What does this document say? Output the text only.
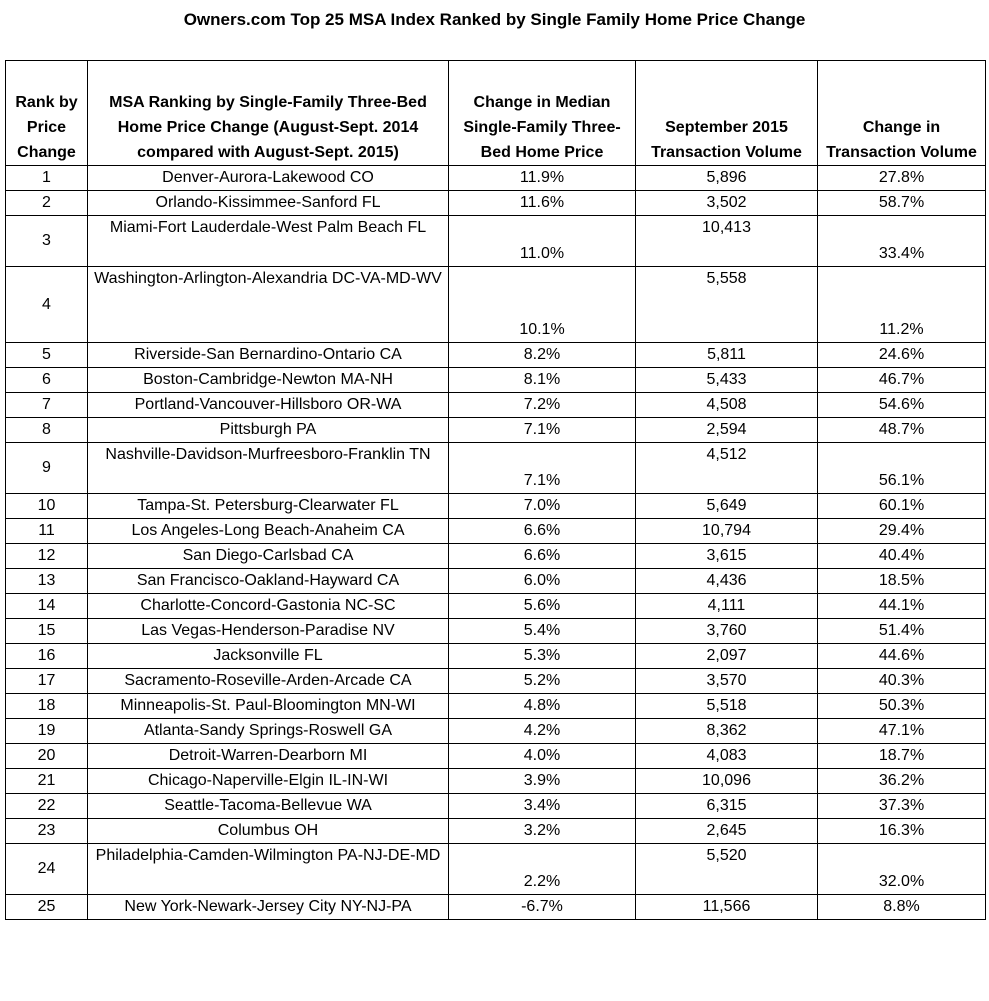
Owners.com Top 25 MSA Index Ranked by Single Family Home Price Change
Rank by Price Change	MSA Ranking by Single-Family Three-Bed Home Price Change (August-Sept. 2014 compared with August-Sept. 2015)	Change in Median Single-Family Three-Bed Home Price	September 2015 Transaction Volume	Change in Transaction Volume
1	Denver-Aurora-Lakewood CO	11.9%	5,896	27.8%
2	Orlando-Kissimmee-Sanford FL	11.6%	3,502	58.7%
3	Miami-Fort Lauderdale-West Palm Beach FL	11.0%	10,413	33.4%
4	Washington-Arlington-Alexandria DC-VA-MD-WV	10.1%	5,558	11.2%
5	Riverside-San Bernardino-Ontario CA	8.2%	5,811	24.6%
6	Boston-Cambridge-Newton MA-NH	8.1%	5,433	46.7%
7	Portland-Vancouver-Hillsboro OR-WA	7.2%	4,508	54.6%
8	Pittsburgh PA	7.1%	2,594	48.7%
9	Nashville-Davidson-Murfreesboro-Franklin TN	7.1%	4,512	56.1%
10	Tampa-St. Petersburg-Clearwater FL	7.0%	5,649	60.1%
11	Los Angeles-Long Beach-Anaheim CA	6.6%	10,794	29.4%
12	San Diego-Carlsbad CA	6.6%	3,615	40.4%
13	San Francisco-Oakland-Hayward CA	6.0%	4,436	18.5%
14	Charlotte-Concord-Gastonia NC-SC	5.6%	4,111	44.1%
15	Las Vegas-Henderson-Paradise NV	5.4%	3,760	51.4%
16	Jacksonville FL	5.3%	2,097	44.6%
17	Sacramento-Roseville-Arden-Arcade CA	5.2%	3,570	40.3%
18	Minneapolis-St. Paul-Bloomington MN-WI	4.8%	5,518	50.3%
19	Atlanta-Sandy Springs-Roswell GA	4.2%	8,362	47.1%
20	Detroit-Warren-Dearborn MI	4.0%	4,083	18.7%
21	Chicago-Naperville-Elgin IL-IN-WI	3.9%	10,096	36.2%
22	Seattle-Tacoma-Bellevue WA	3.4%	6,315	37.3%
23	Columbus OH	3.2%	2,645	16.3%
24	Philadelphia-Camden-Wilmington PA-NJ-DE-MD	2.2%	5,520	32.0%
25	New York-Newark-Jersey City NY-NJ-PA	-6.7%	11,566	8.8%
